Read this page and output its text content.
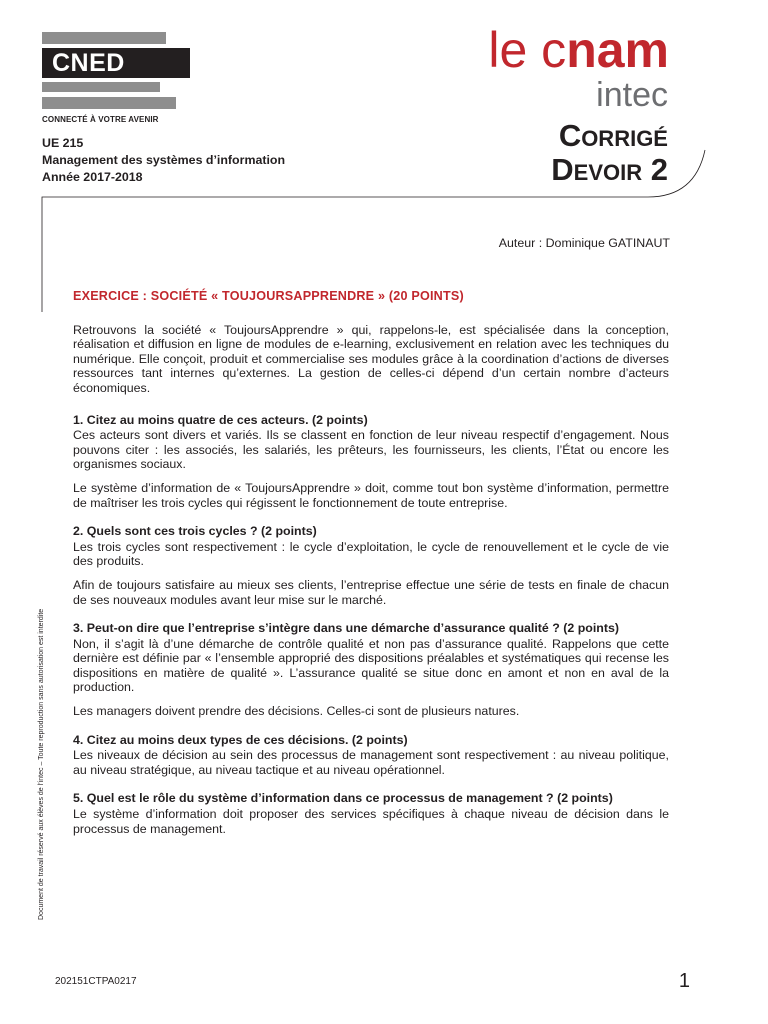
CNED
CONNECTÉ À VOTRE AVENIR
UE 215
Management des systèmes d’information
Année 2017-2018
le cnam
intec
Corrigé
Devoir 2
Auteur : Dominique GATINAUT

EXERCICE : SOCIÉTÉ « TOUJOURSAPPRENDRE » (20 POINTS)

Retrouvons la société « ToujoursApprendre » qui, rappelons-le, est spécialisée dans la conception, réalisation et diffusion en ligne de modules de e-learning, exclusivement en relation avec les techniques du numérique. Elle conçoit, produit et commercialise ses modules grâce à la coordination d’actions de diverses ressources tant internes qu’externes. La gestion de celles-ci dépend d’un certain nombre d’acteurs économiques.

1. Citez au moins quatre de ces acteurs. (2 points)

Ces acteurs sont divers et variés. Ils se classent en fonction de leur niveau respectif d’engagement. Nous pouvons citer : les associés, les salariés, les prêteurs, les fournisseurs, les clients, l’État ou encore les organismes sociaux.

Le système d’information de « ToujoursApprendre » doit, comme tout bon système d’information, permettre de maîtriser les trois cycles qui régissent le fonctionnement de toute entreprise.

2. Quels sont ces trois cycles ? (2 points)

Les trois cycles sont respectivement : le cycle d’exploitation, le cycle de renouvellement et le cycle de vie des produits.

Afin de toujours satisfaire au mieux ses clients, l’entreprise effectue une série de tests en finale de chacun de ses nouveaux modules avant leur mise sur le marché.

3. Peut-on dire que l’entreprise s’intègre dans une démarche d’assurance qualité ? (2 points)

Non, il s’agit là d’une démarche de contrôle qualité et non pas d’assurance qualité. Rappelons que cette dernière est définie par « l’ensemble approprié des dispositions préalables et systématiques qui recense les dispositions en matière de qualité ». L’assurance qualité se situe donc en amont et non en aval de la production.

Les managers doivent prendre des décisions. Celles-ci sont de plusieurs natures.

4. Citez au moins deux types de ces décisions. (2 points)

Les niveaux de décision au sein des processus de management sont respectivement : au niveau politique, au niveau stratégique, au niveau tactique et au niveau opérationnel.

5. Quel est le rôle du système d’information dans ce processus de management ? (2 points)

Le système d’information doit proposer des services spécifiques à chaque niveau de décision dans le processus de management.

Document de travail réservé aux élèves de l’intec – Toute reproduction sans autorisation est interdite
202151CTPA0217	1
